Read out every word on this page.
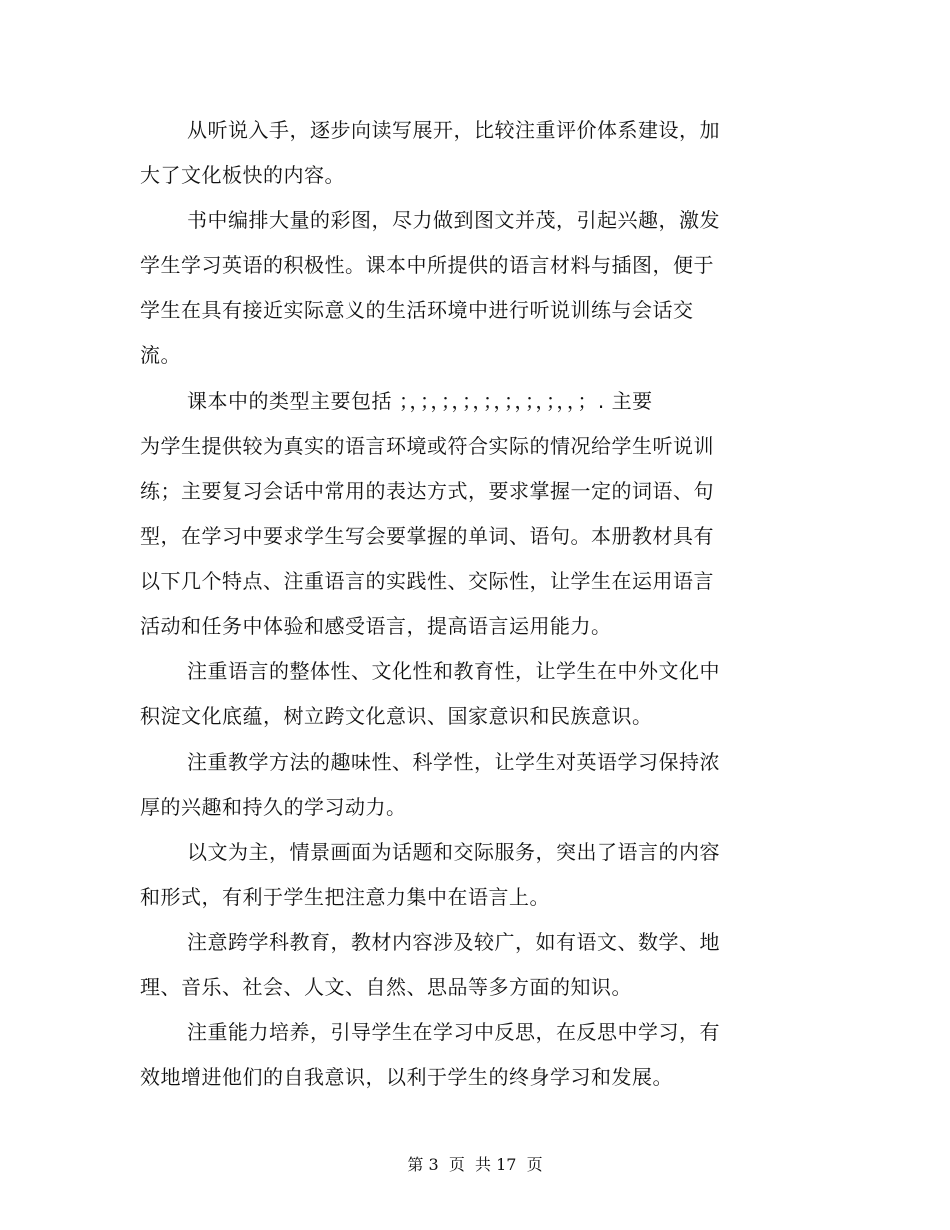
从听说入手，逐步向读写展开，比较注重评价体系建设，加
大了文化板快的内容。
书中编排大量的彩图，尽力做到图文并茂，引起兴趣，激发
学生学习英语的积极性。课本中所提供的语言材料与插图，便于
学生在具有接近实际意义的生活环境中进行听说训练与会话交
流。
课本中的类型主要包括 ；，；，；，；，；，；，；，；，，；. 主要
为学生提供较为真实的语言环境或符合实际的情况给学生听说训
练；主要复习会话中常用的表达方式，要求掌握一定的词语、句
型，在学习中要求学生写会要掌握的单词、语句。本册教材具有
以下几个特点、注重语言的实践性、交际性，让学生在运用语言
活动和任务中体验和感受语言，提高语言运用能力。
注重语言的整体性、文化性和教育性，让学生在中外文化中
积淀文化底蕴，树立跨文化意识、国家意识和民族意识。
注重教学方法的趣味性、科学性，让学生对英语学习保持浓
厚的兴趣和持久的学习动力。
以文为主，情景画面为话题和交际服务，突出了语言的内容
和形式，有利于学生把注意力集中在语言上。
注意跨学科教育，教材内容涉及较广，如有语文、数学、地
理、音乐、社会、人文、自然、思品等多方面的知识。
注重能力培养，引导学生在学习中反思，在反思中学习，有
效地增进他们的自我意识，以利于学生的终身学习和发展。
第 3  页  共 17  页
